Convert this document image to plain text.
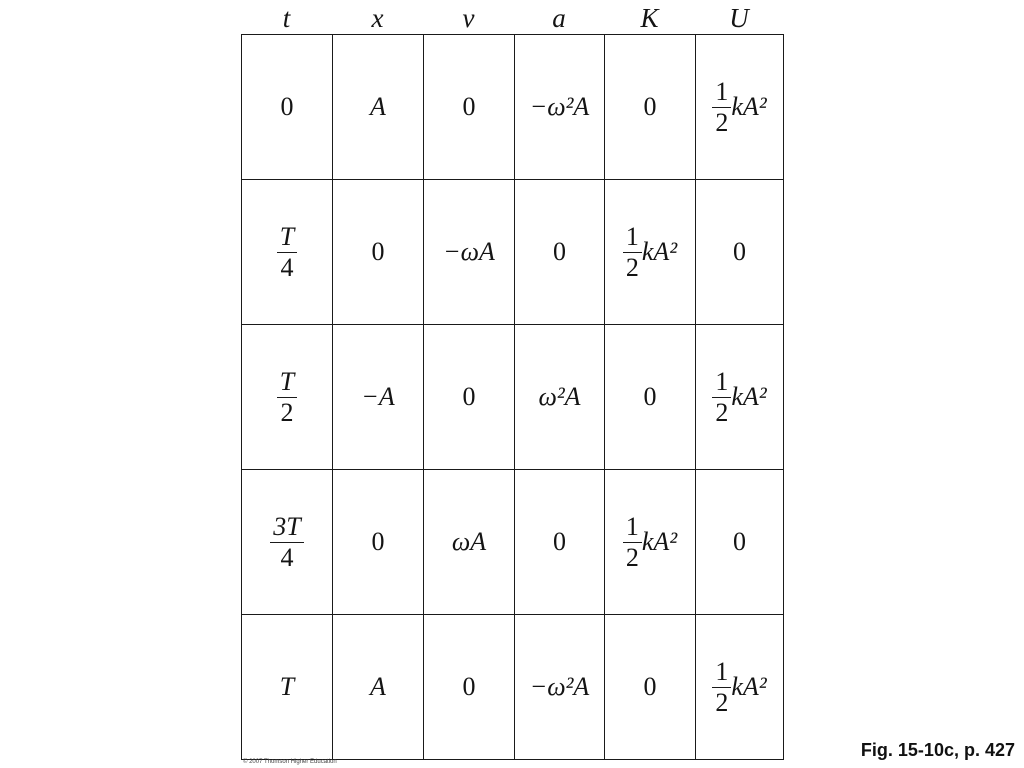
t	x	v	a	K	U
0	A	0	−ω²A	0	$\frac{1}{2} kA^2$

$\frac{T}{4}$	0	−ωA	0	$\frac{1}{2} kA^2$	0

$\frac{T}{2}$	−A	0	ω²A	0	$\frac{1}{2} kA^2$

$\frac{3T}{4}$	0	ωA	0	$\frac{1}{2} kA^2$	0
T	A	0	−ω²A	0	$\frac{1}{2} kA^2$
Fig. 15-10c, p. 427
© 2007 Thomson Higher Education
